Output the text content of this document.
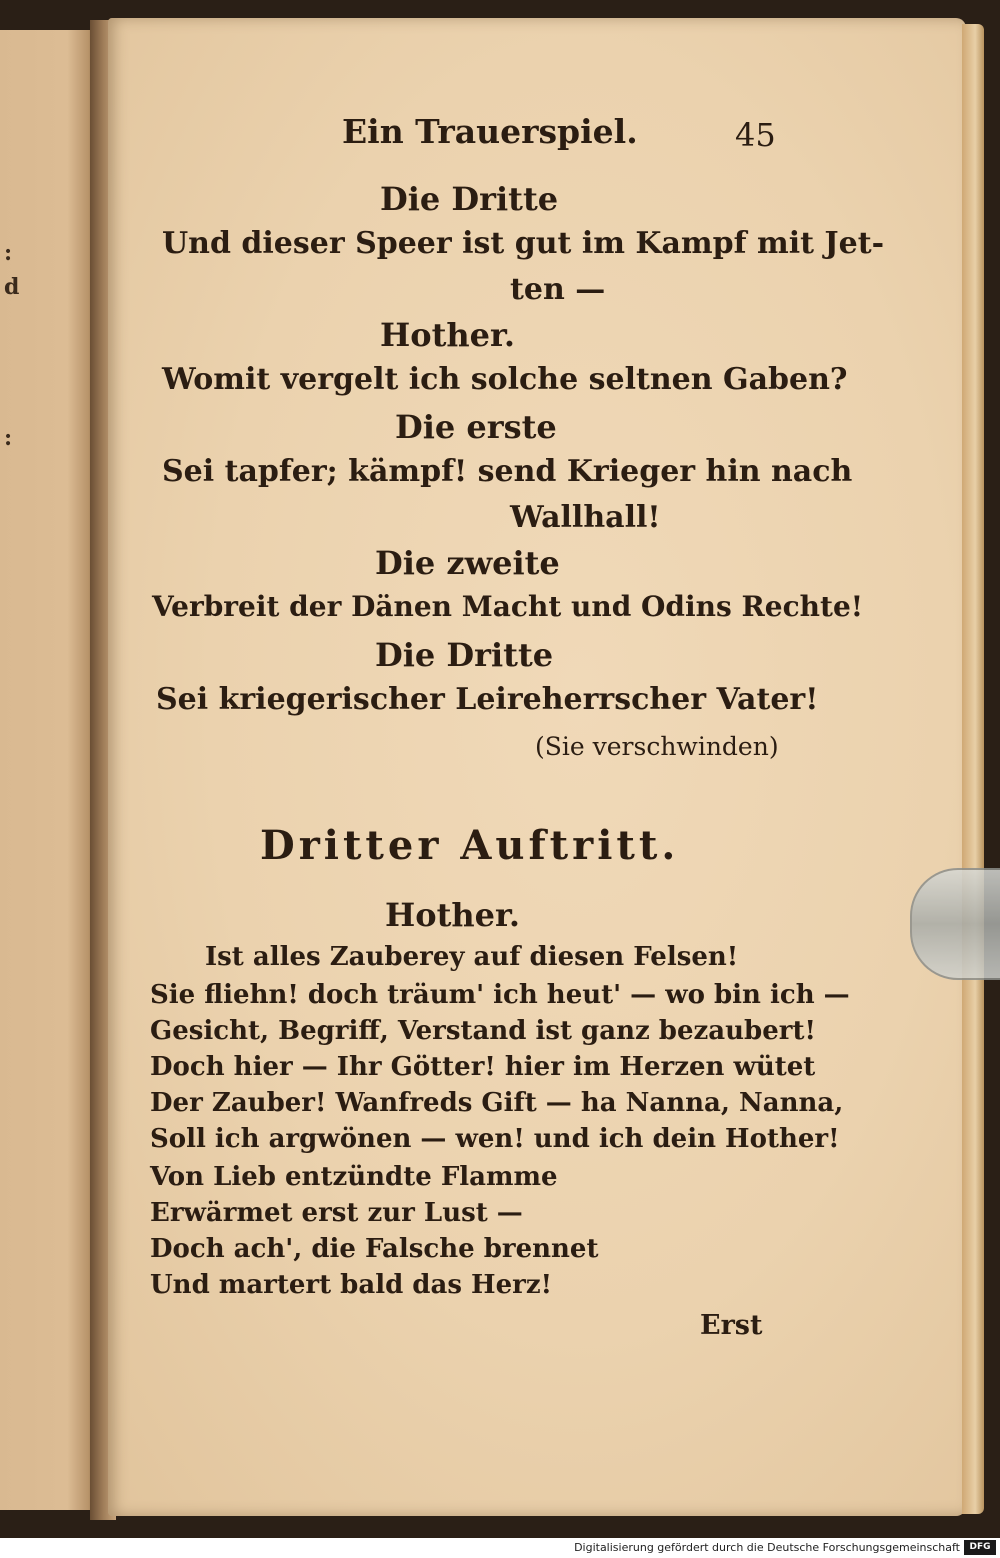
:
d
:
Ein Trauerspiel.	45
Die Dritte
Und dieser Speer ist gut im Kampf mit Jet-
ten —
Hother.
Womit vergelt ich solche seltnen Gaben?
Die erste
Sei tapfer; kämpf! send Krieger hin nach
Wallhall!
Die zweite
Verbreit der Dänen Macht und Odins Rechte!
Die Dritte
Sei kriegerischer Leireherrscher Vater!
(Sie verschwinden)
Dritter Auftritt.
Hother.
Ist alles Zauberey auf diesen Felsen!
Sie fliehn! doch träum' ich heut' — wo bin ich —
Gesicht, Begriff, Verstand ist ganz bezaubert!
Doch hier — Ihr Götter! hier im Herzen wütet
Der Zauber! Wanfreds Gift — ha Nanna, Nanna,
Soll ich argwönen — wen! und ich dein Hother!
Von Lieb entzündte Flamme
Erwärmet erst zur Lust —
Doch ach', die Falsche brennet
Und martert bald das Herz!
Erst
Digitalisierung gefördert durch die Deutsche Forschungsgemeinschaft	DFG
